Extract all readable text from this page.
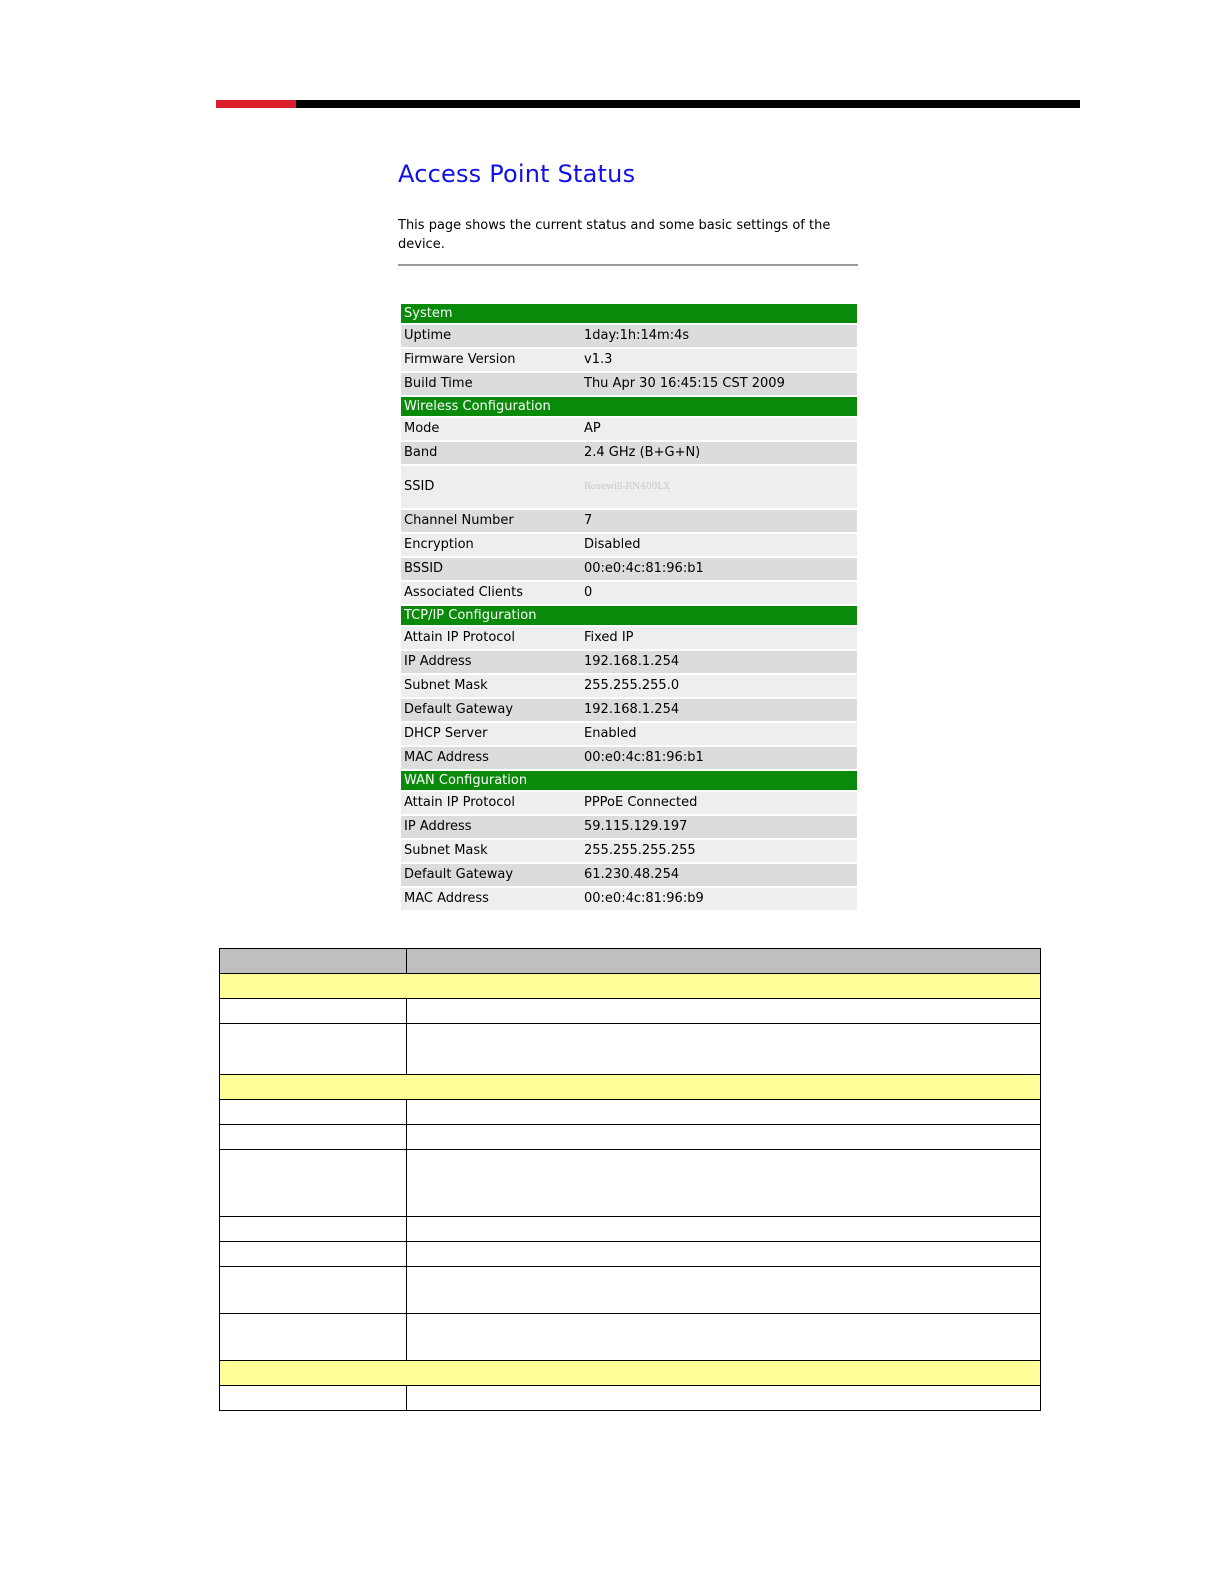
Access Point Status
This page shows the current status and some basic settings of the device.
System
Uptime	1day:1h:14m:4s
Firmware Version	v1.3
Build Time	Thu Apr 30 16:45:15 CST 2009
Wireless Configuration
Mode	AP
Band	2.4 GHz (B+G+N)
SSID	Rosewill-RN400LX
Channel Number	7
Encryption	Disabled
BSSID	00:e0:4c:81:96:b1
Associated Clients	0
TCP/IP Configuration
Attain IP Protocol	Fixed IP
IP Address	192.168.1.254
Subnet Mask	255.255.255.0
Default Gateway	192.168.1.254
DHCP Server	Enabled
MAC Address	00:e0:4c:81:96:b1
WAN Configuration
Attain IP Protocol	PPPoE Connected
IP Address	59.115.129.197
Subnet Mask	255.255.255.255
Default Gateway	61.230.48.254
MAC Address	00:e0:4c:81:96:b9
